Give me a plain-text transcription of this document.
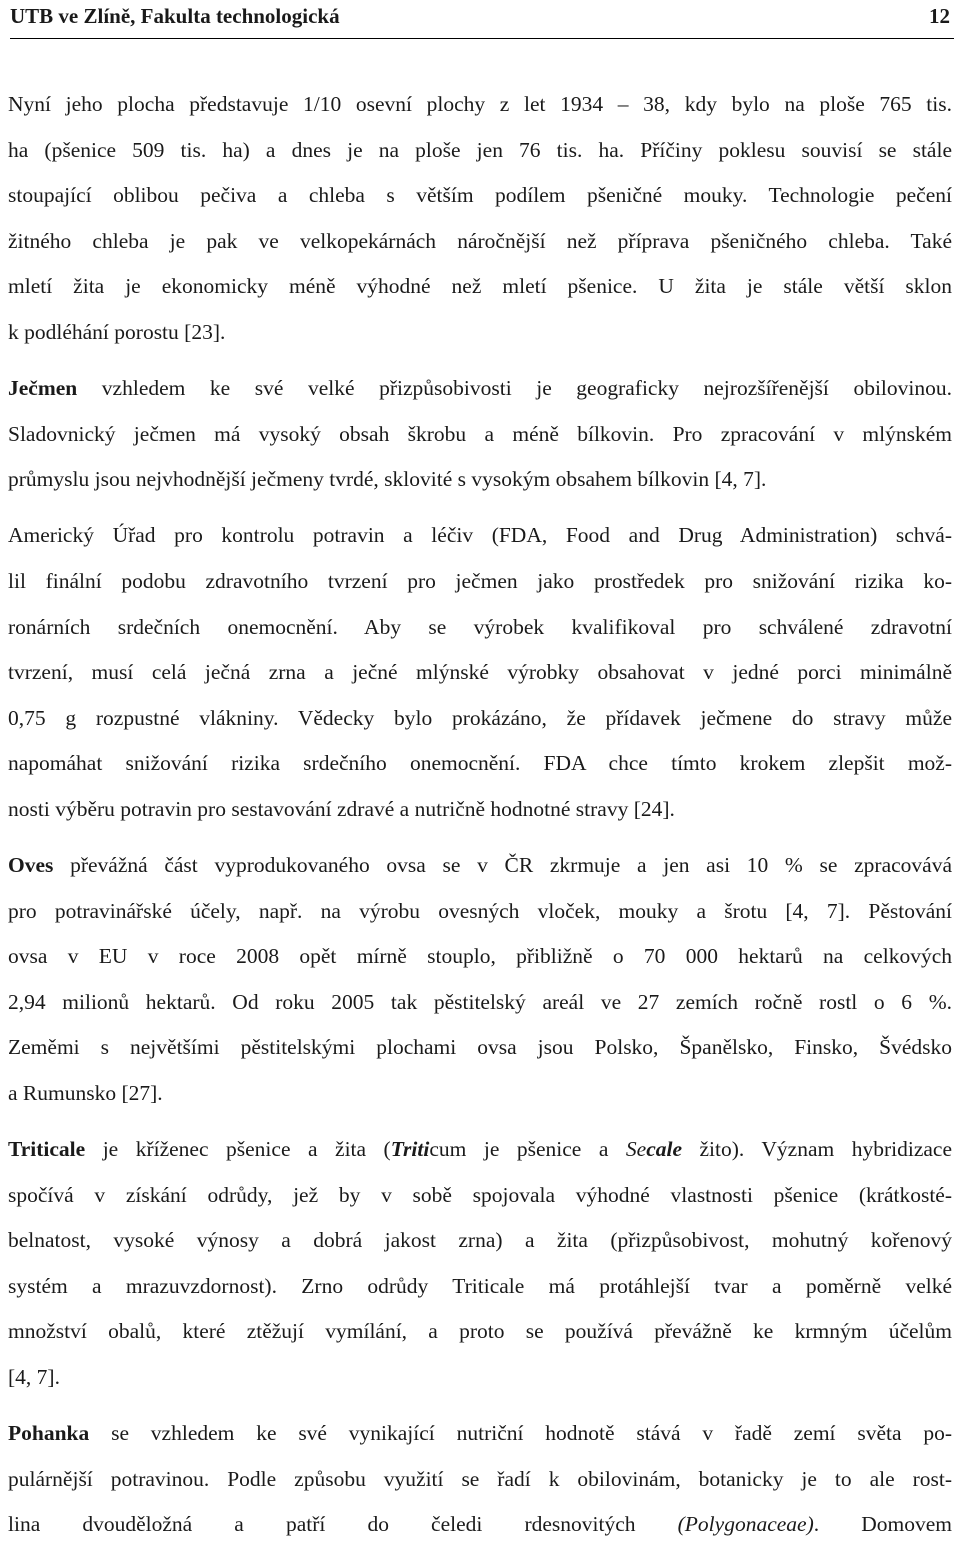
UTB ve Zlíně, Fakulta technologická	12
Nyní jeho plocha představuje 1/10 osevní plochy z let 1934 – 38, kdy bylo na ploše 765 tis.
ha (pšenice 509 tis. ha) a dnes je na ploše jen 76 tis. ha. Příčiny poklesu souvisí se stále
stoupající oblibou pečiva a chleba s větším podílem pšeničné mouky. Technologie pečení
žitného chleba je pak ve velkopekárnách náročnější než příprava pšeničného chleba. Také
mletí žita je ekonomicky méně výhodné než mletí pšenice. U žita je stále větší sklon
k podléhání porostu [23].
Ječmen vzhledem ke své velké přizpůsobivosti je geograficky nejrozšířenější obilovinou.
Sladovnický ječmen má vysoký obsah škrobu a méně bílkovin. Pro zpracování v mlýnském
průmyslu jsou nejvhodnější ječmeny tvrdé, sklovité s vysokým obsahem bílkovin [4, 7].
Americký Úřad pro kontrolu potravin a léčiv (FDA, Food and Drug Administration) schvá-
lil finální podobu zdravotního tvrzení pro ječmen jako prostředek pro snižování rizika ko-
ronárních srdečních onemocnění. Aby se výrobek kvalifikoval pro schválené zdravotní
tvrzení, musí celá ječná zrna a ječné mlýnské výrobky obsahovat v jedné porci minimálně
0,75 g rozpustné vlákniny. Vědecky bylo prokázáno, že přídavek ječmene do stravy může
napomáhat snižování rizika srdečního onemocnění. FDA chce tímto krokem zlepšit mož-
nosti výběru potravin pro sestavování zdravé a nutričně hodnotné stravy [24].
Oves převážná část vyprodukovaného ovsa se v ČR zkrmuje a jen asi 10 % se zpracovává
pro potravinářské účely, např. na výrobu ovesných vloček, mouky a šrotu [4, 7]. Pěstování
ovsa v EU v roce 2008 opět mírně stouplo, přibližně o 70 000 hektarů na celkových
2,94 milionů hektarů. Od roku 2005 tak pěstitelský areál ve 27 zemích ročně rostl o 6 %.
Zeměmi s největšími pěstitelskými plochami ovsa jsou Polsko, Španělsko, Finsko, Švédsko
a Rumunsko [27].
Triticale je kříženec pšenice a žita (Triticum je pšenice a Secale žito). Význam hybridizace
spočívá v získání odrůdy, jež by v sobě spojovala výhodné vlastnosti pšenice (krátkosté-
belnatost, vysoké výnosy a dobrá jakost zrna) a žita (přizpůsobivost, mohutný kořenový
systém a mrazuvzdornost). Zrno odrůdy Triticale má protáhlejší tvar a poměrně velké
množství obalů, které ztěžují vymílání, a proto se používá převážně ke krmným účelům
[4, 7].
Pohanka se vzhledem ke své vynikající nutriční hodnotě stává v řadě zemí světa po-
pulárnější potravinou. Podle způsobu využití se řadí k obilovinám, botanicky je to ale rost-
lina dvouděložná a patří do čeledi rdesnovitých (Polygonaceae). Domovem
